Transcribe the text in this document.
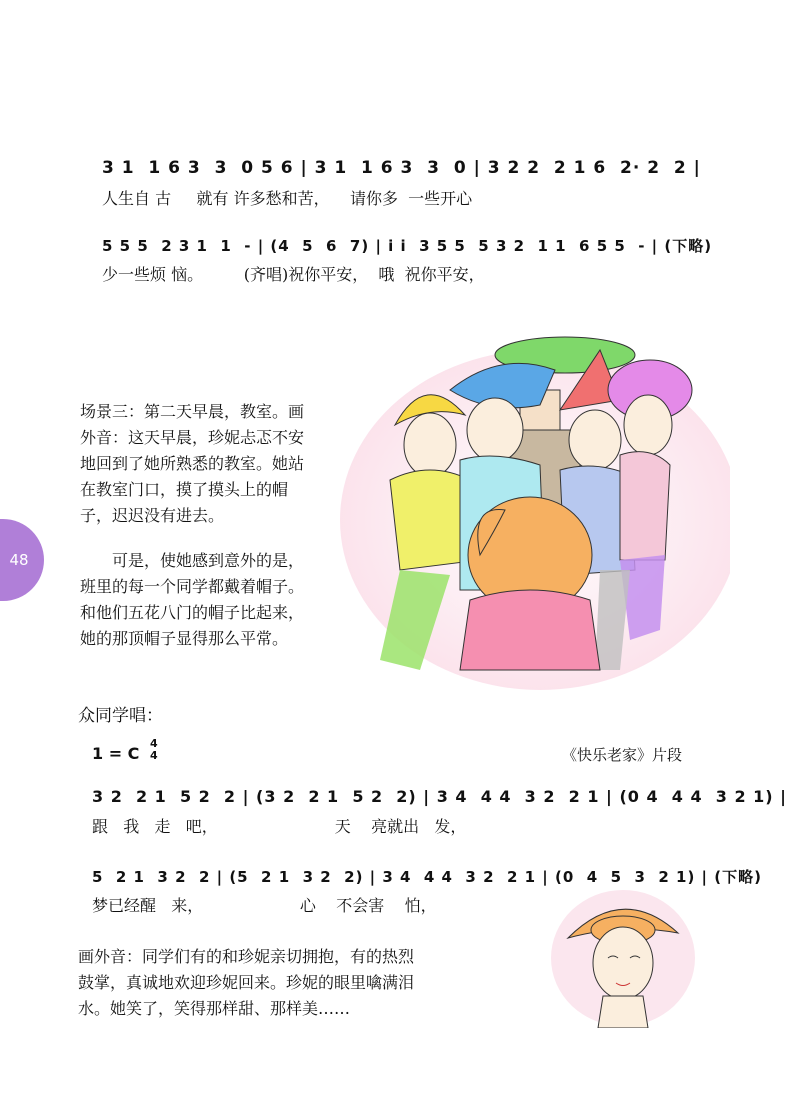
3 1  1 6 3  3  0 5 6 | 3 1  1 6 3  3  0 | 3 2 2  2 1 6  2· 2  2 |
人生自 古     就有 许多愁和苦，    请你多  一些开心
5 5 5  2 3 1  1  - | (4  5  6  7) | i i  3 5 5  5 3 2  1 1  6 5 5  - | (下略)
少一些烦 恼。        (齐唱)祝你平安，  哦  祝你平安，
场景三：第二天早晨，教室。画外音：这天早晨，珍妮忐忑不安地回到了她所熟悉的教室。她站在教室门口，摸了摸头上的帽子，迟迟没有进去。
可是，使她感到意外的是，班里的每一个同学都戴着帽子。和他们五花八门的帽子比起来，她的那顶帽子显得那么平常。
48
众同学唱：
1 = C
4
4	《快乐老家》片段
3 2  2 1  5 2  2 | (3 2  2 1  5 2  2) | 3 4  4 4  3 2  2 1 | (0 4  4 4  3 2 1) |
跟   我   走   吧，                       天    亮就出   发，
5  2 1  3 2  2 | (5  2 1  3 2  2) | 3 4  4 4  3 2  2 1 | (0  4  5  3  2 1) | (下略)
梦已经醒   来，                   心    不会害    怕，
画外音：同学们有的和珍妮亲切拥抱，有的热烈鼓掌，真诚地欢迎珍妮回来。珍妮的眼里噙满泪水。她笑了，笑得那样甜、那样美……
